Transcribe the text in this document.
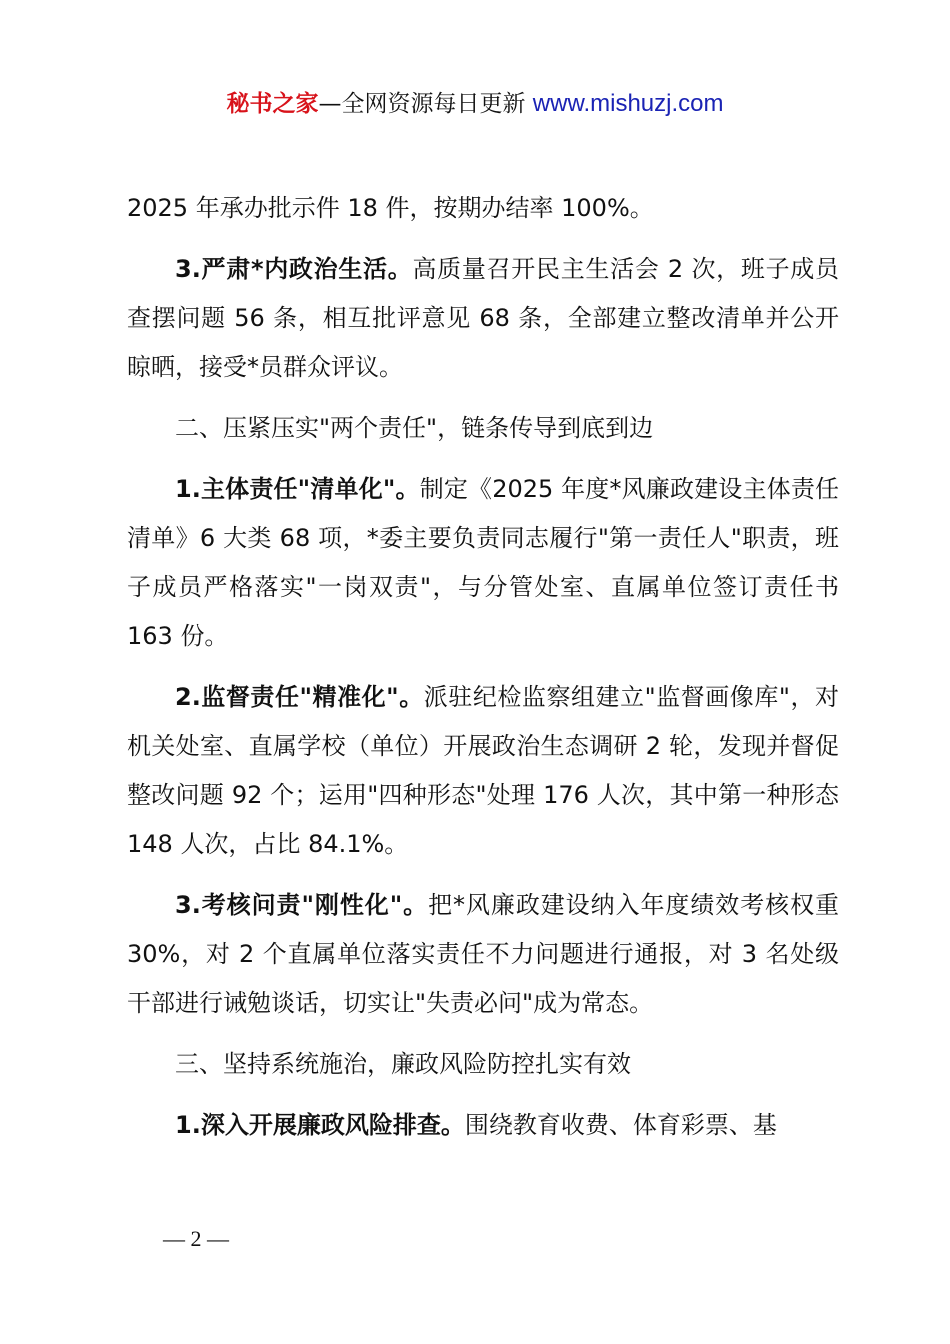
秘书之家—全网资源每日更新 www.mishuzj.com

2025 年承办批示件 18 件，按期办结率 100%。

3.严肃*内政治生活。高质量召开民主生活会 2 次，班子成员查摆问题 56 条，相互批评意见 68 条，全部建立整改清单并公开晾晒，接受*员群众评议。

二、压紧压实"两个责任"，链条传导到底到边

1.主体责任"清单化"。制定《2025 年度*风廉政建设主体责任清单》6 大类 68 项，*委主要负责同志履行"第一责任人"职责，班子成员严格落实"一岗双责"，与分管处室、直属单位签订责任书 163 份。

2.监督责任"精准化"。派驻纪检监察组建立"监督画像库"，对机关处室、直属学校（单位）开展政治生态调研 2 轮，发现并督促整改问题 92 个；运用"四种形态"处理 176 人次，其中第一种形态 148 人次，占比 84.1%。

3.考核问责"刚性化"。把*风廉政建设纳入年度绩效考核权重 30%，对 2 个直属单位落实责任不力问题进行通报，对 3 名处级干部进行诫勉谈话，切实让"失责必问"成为常态。

三、坚持系统施治，廉政风险防控扎实有效

1.深入开展廉政风险排查。围绕教育收费、体育彩票、基

— 2 —
